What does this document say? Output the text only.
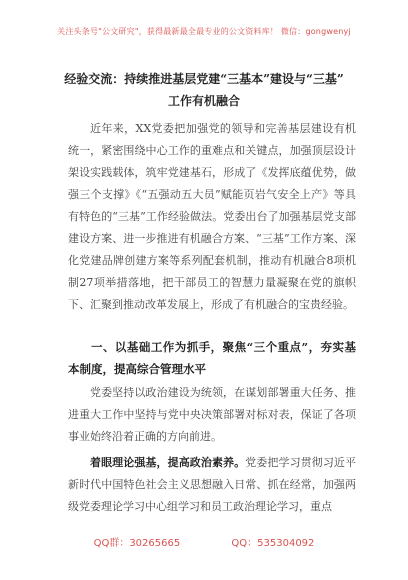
关注头条号"公文研究"，获得最新最全最专业的公文资料库！ 微信：gongwenyj
经验交流：持续推进基层党建“三基本”建设与“三基”
工作有机融合
近年来，XX党委把加强党的领导和完善基层建设有机统一，紧密围绕中心工作的重难点和关键点，加强顶层设计架设实践载体，筑牢党建基石，形成了《发挥底蕴优势，做强三个支撑》《“五强动五大员”赋能页岩气安全上产》等具有特色的“三基”工作经验做法。党委出台了加强基层党支部建设方案、进一步推进有机融合方案、“三基”工作方案、深化党建品牌创建方案等系列配套机制，推动有机融合8项机制27项举措落地，把干部员工的智慧力量凝聚在党的旗帜下、汇聚到推动改革发展上，形成了有机融合的宝贵经验。
一、以基础工作为抓手，聚焦“三个重点”，夯实基本制度，提高综合管理水平
党委坚持以政治建设为统领，在谋划部署重大任务、推进重大工作中坚持与党中央决策部署对标对表，保证了各项事业始终沿着正确的方向前进。
着眼理论强基，提高政治素养。党委把学习贯彻习近平新时代中国特色社会主义思想融入日常、抓在经常，加强两级党委理论学习中心组学习和员工政治理论学习，重点
QQ群：30265665	QQ：535304092
